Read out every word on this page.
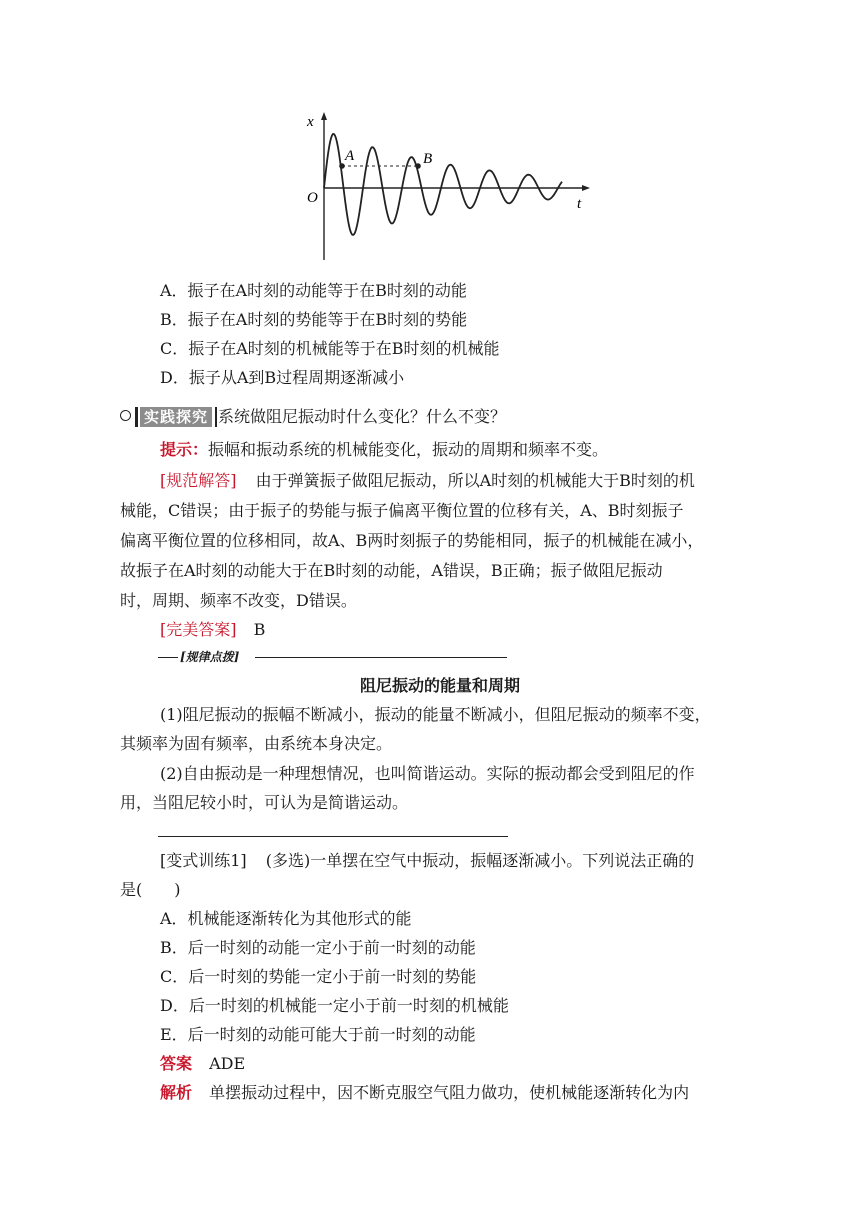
x
t
O
A	B
A．振子在A时刻的动能等于在B时刻的动能
B．振子在A时刻的势能等于在B时刻的势能
C．振子在A时刻的机械能等于在B时刻的机械能
D．振子从A到B过程周期逐渐减小
实践探究 系统做阻尼振动时什么变化？什么不变？
提示：振幅和振动系统的机械能变化，振动的周期和频率不变。
[规范解答] 由于弹簧振子做阻尼振动，所以A时刻的机械能大于B时刻的机
械能，C错误；由于振子的势能与振子偏离平衡位置的位移有关，A、B时刻振子
偏离平衡位置的位移相同，故A、B两时刻振子的势能相同，振子的机械能在减小，
故振子在A时刻的动能大于在B时刻的动能，A错误，B正确；振子做阻尼振动
时，周期、频率不改变，D错误。
[完美答案] B
[规律点拨]
阻尼振动的能量和周期
(1)阻尼振动的振幅不断减小，振动的能量不断减小，但阻尼振动的频率不变，
其频率为固有频率，由系统本身决定。
(2)自由振动是一种理想情况，也叫简谐运动。实际的振动都会受到阻尼的作
用，当阻尼较小时，可认为是简谐运动。
[变式训练1] (多选)一单摆在空气中振动，振幅逐渐减小。下列说法正确的
是(　　)
A．机械能逐渐转化为其他形式的能
B．后一时刻的动能一定小于前一时刻的动能
C．后一时刻的势能一定小于前一时刻的势能
D．后一时刻的机械能一定小于前一时刻的机械能
E．后一时刻的动能可能大于前一时刻的动能
答案 ADE
解析 单摆振动过程中，因不断克服空气阻力做功，使机械能逐渐转化为内
